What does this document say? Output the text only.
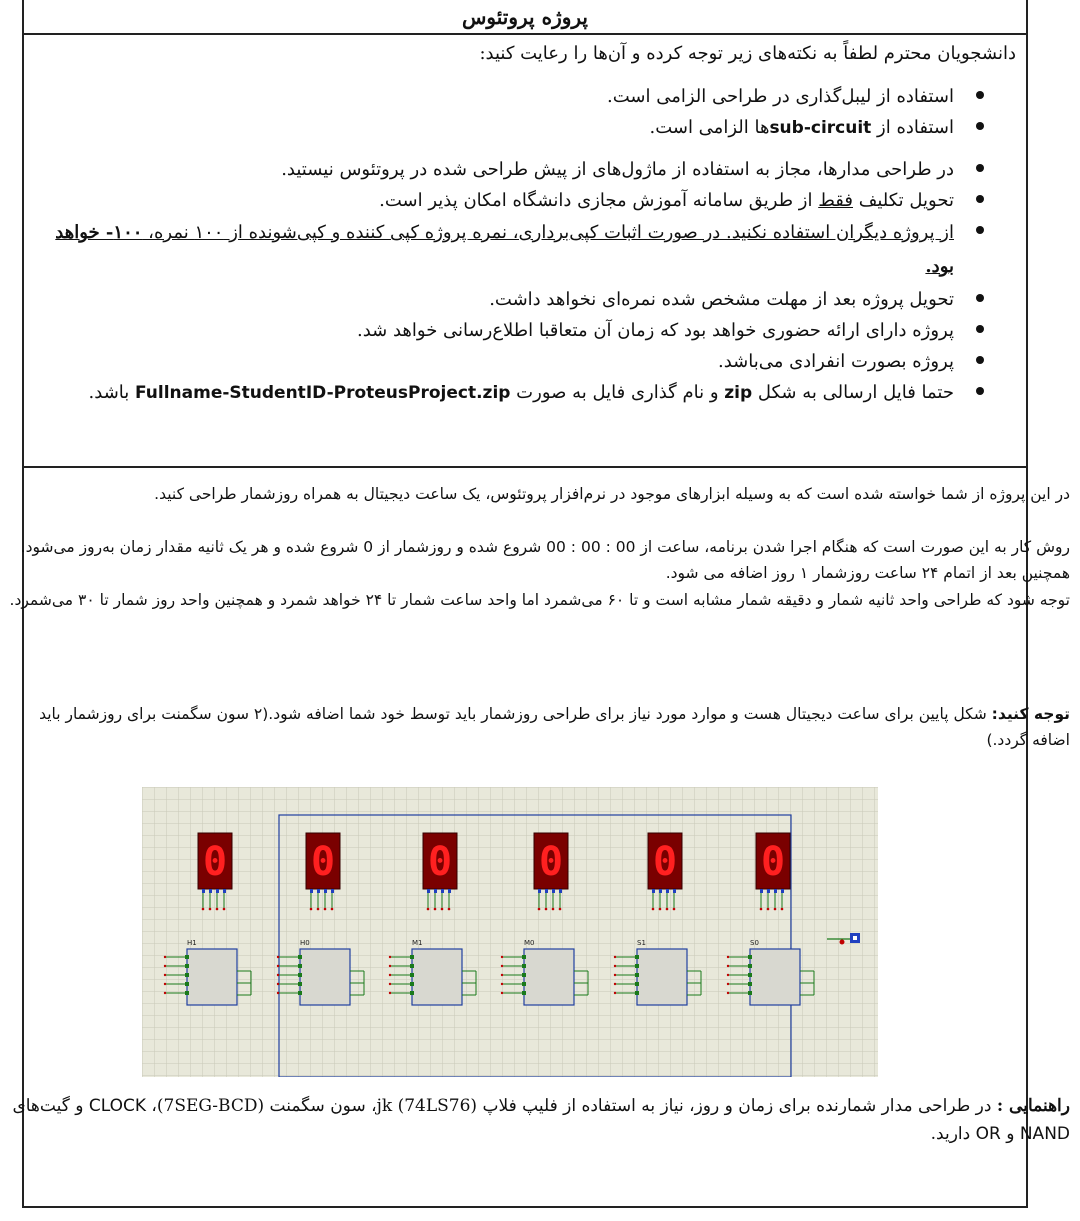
پروژه پروتئوس
دانشجویان محترم لطفاً به نکته‌های زیر توجه کرده و آن‌ها را رعایت کنید:
استفاده از لیبل‌گذاری در طراحی الزامی است.
استفاده از sub-circuitها الزامی است.
در طراحی مدارها، مجاز به استفاده از ماژول‌های از پیش طراحی شده در پروتئوس نیستید.
تحویل تکلیف فقط از طریق سامانه آموزش مجازی دانشگاه امکان پذیر است.
از پروژه دیگران استفاده نکنید. در صورت اثبات کپی‌برداری، نمره پروژه کپی کننده و کپی‌شونده از ۱۰۰ نمره، ۱۰۰- خواهد بود.
تحویل پروژه بعد از مهلت مشخص شده نمره‌ای نخواهد داشت.
پروژه دارای ارائه حضوری خواهد بود که زمان آن متعاقبا اطلاع‌رسانی خواهد شد.
پروژه بصورت انفرادی می‌باشد.
حتما فایل ارسالی به شکل zip و نام گذاری فایل به صورت Fullname-StudentID-ProteusProject.zip باشد.
در این پروژه از شما خواسته شده است که به وسیله ابزارهای موجود در نرم‌افزار پروتئوس، یک ساعت دیجیتال به همراه روزشمار طراحی کنید.
روش کار به این صورت است که هنگام اجرا شدن برنامه، ساعت از 00 : 00 : 00 شروع شده و روزشمار از 0 شروع شده و هر یک ثانیه مقدار زمان به‌روز می‌شود. همچنین بعد از اتمام ۲۴ ساعت روزشمار ۱ روز اضافه می شود.
توجه شود که طراحی واحد ثانیه شمار و دقیقه شمار مشابه است و تا ۶۰ می‌شمرد اما واحد ساعت شمار تا ۲۴ خواهد شمرد و همچنین واحد روز شمار تا ۳۰ می‌شمرد.
توجه کنید: شکل پایین برای ساعت دیجیتال هست و موارد مورد نیاز برای طراحی روزشمار باید توسط خود شما اضافه شود.(۲ سون سگمنت برای روزشمار باید اضافه گردد.)
0
H1
0
H0
0
M1
0
M0
0
S1
0
S0
راهنمایی : در طراحی مدار شمارنده برای زمان و روز، نیاز به استفاده از فلیپ فلاپ jk (74LS76)، سون سگمنت (7SEG-BCD)، CLOCK و گیت‌های NAND و OR دارید.
